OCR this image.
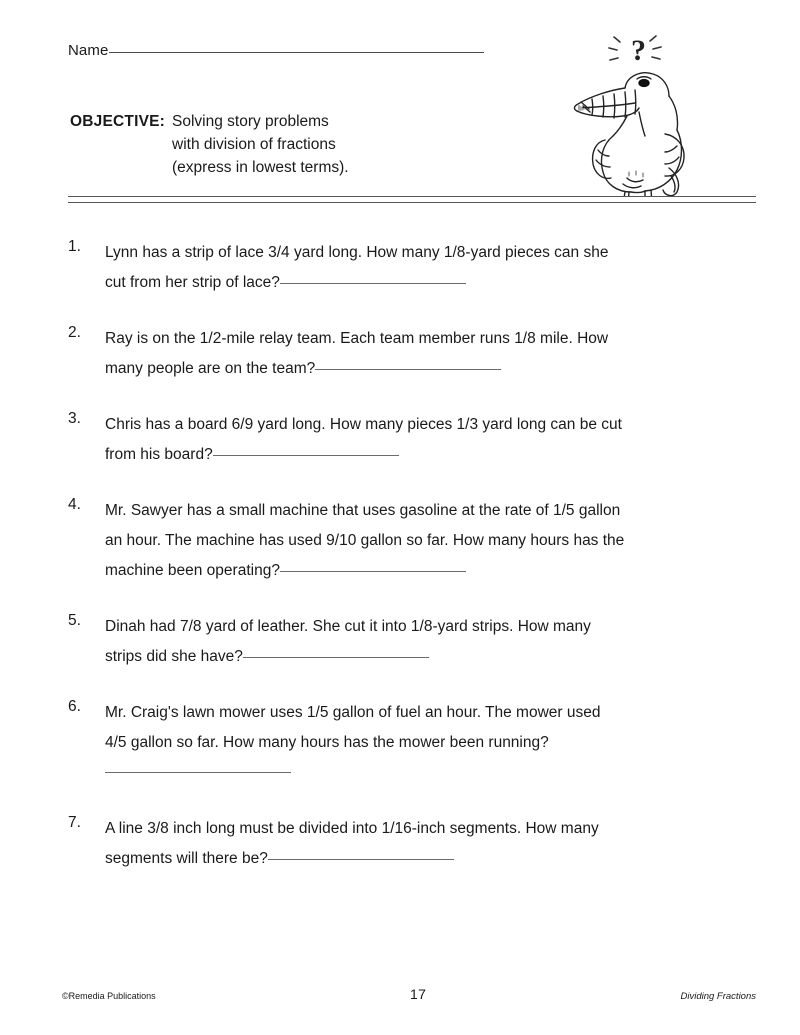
Name
OBJECTIVE: Solving story problems
with division of fractions
(express in lowest terms).
?
1.	Lynn has a strip of lace 3/4 yard long. How many 1/8-yard pieces can she
cut from her strip of lace?
2.	Ray is on the 1/2-mile relay team. Each team member runs 1/8 mile. How
many people are on the team?
3.	Chris has a board 6/9 yard long. How many pieces 1/3 yard long can be cut
from his board?
4.	Mr. Sawyer has a small machine that uses gasoline at the rate of 1/5 gallon
an hour. The machine has used 9/10 gallon so far. How many hours has the
machine been operating?
5.	Dinah had 7/8 yard of leather. She cut it into 1/8-yard strips. How many
strips did she have?
6.	Mr. Craig's lawn mower uses 1/5 gallon of fuel an hour. The mower used
4/5 gallon so far. How many hours has the mower been running?
7.	A line 3/8 inch long must be divided into 1/16-inch segments. How many
segments will there be?
©Remedia Publications	17	Dividing Fractions
